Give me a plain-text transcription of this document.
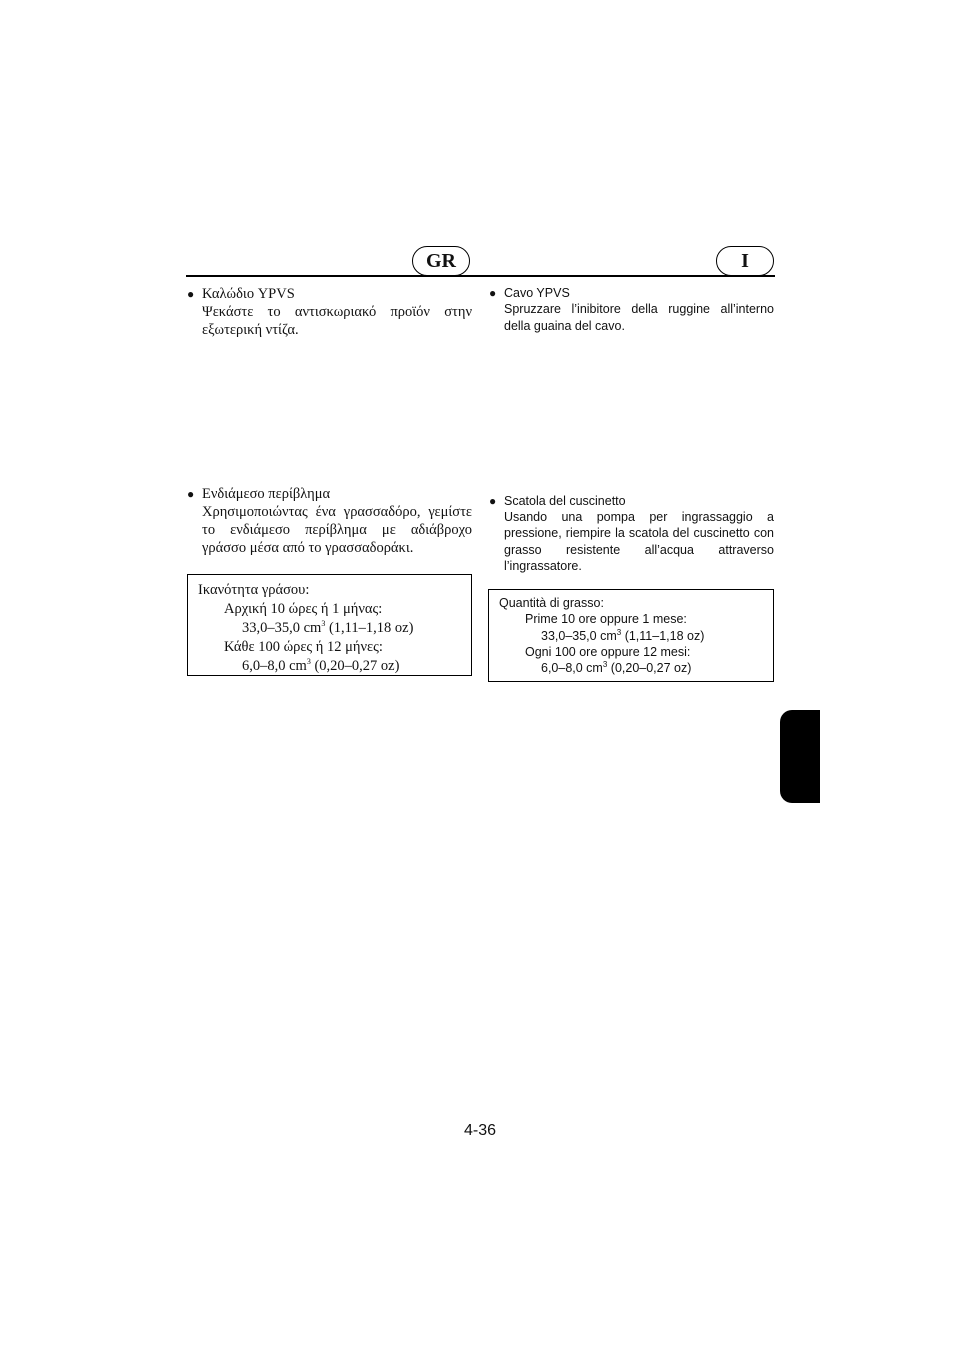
GR	I
● Καλώδιο YPVS
Ψεκάστε το αντισκωριακό προϊόν στην εξωτερική ντίζα.
● Ενδιάμεσο περίβλημα
Χρησιμοποιώντας ένα γρασσαδόρο, γεμίστε το ενδιάμεσο περίβλημα με αδιάβροχο γράσσο μέσα από το γρασσαδοράκι.
Ικανότητα γράσου:
Αρχική 10 ώρες ή 1 μήνας:
33,0–35,0 $cm^3$ (1,11–1,18 oz)
Κάθε 100 ώρες ή 12 μήνες:
6,0–8,0 $cm^3$ (0,20–0,27 oz)
● Cavo YPVS
Spruzzare l’inibitore della ruggine all’interno della guaina del cavo.
● Scatola del cuscinetto
Usando una pompa per ingrassaggio a pressione, riempire la scatola del cuscinetto con grasso resistente all’acqua attraverso l’ingrassatore.
Quantità di grasso:
Prime 10 ore oppure 1 mese:
33,0–35,0 $cm^3$ (1,11–1,18 oz)
Ogni 100 ore oppure 12 mesi:
6,0–8,0 $cm^3$ (0,20–0,27 oz)
4-36
